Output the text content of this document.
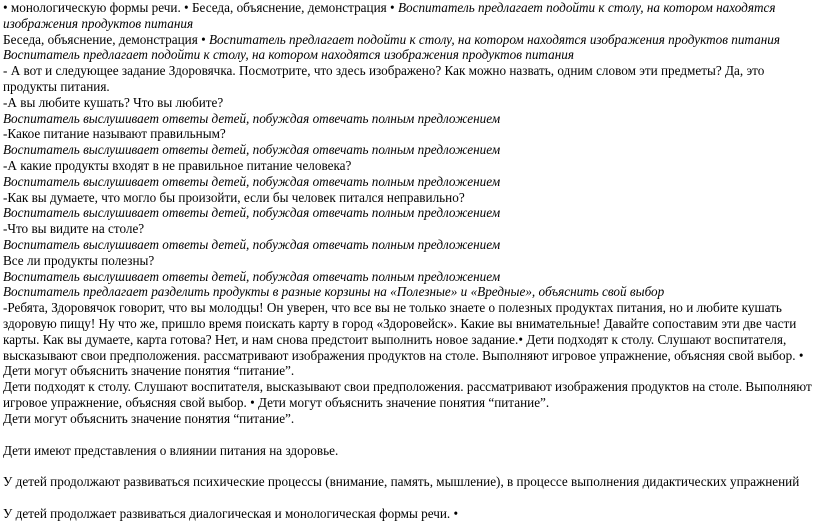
• монологическую формы речи. • Беседа, объяснение, демонстрация • Воспитатель предлагает подойти к столу, на котором находятся изображения продуктов питания

Беседа, объяснение, демонстрация • Воспитатель предлагает подойти к столу, на котором находятся изображения продуктов питания

Воспитатель предлагает подойти к столу, на котором находятся изображения продуктов питания

- А вот и следующее задание Здоровячка. Посмотрите, что здесь изображено? Как можно назвать, одним словом эти предметы? Да, это продукты питания.

-А вы любите кушать? Что вы любите?

Воспитатель выслушивает ответы детей, побуждая отвечать полным предложением

-Какое питание называют правильным?

Воспитатель выслушивает ответы детей, побуждая отвечать полным предложением

-А какие продукты входят в не правильное питание человека?

Воспитатель выслушивает ответы детей, побуждая отвечать полным предложением

-Как вы думаете, что могло бы произойти, если бы человек питался неправильно?

Воспитатель выслушивает ответы детей, побуждая отвечать полным предложением

-Что вы видите на столе?

Воспитатель выслушивает ответы детей, побуждая отвечать полным предложением

Все ли продукты полезны?

Воспитатель выслушивает ответы детей, побуждая отвечать полным предложением

Воспитатель предлагает разделить продукты в разные корзины на «Полезные» и «Вредные», объяснить свой выбор

-Ребята, Здоровячок говорит, что вы молодцы! Он уверен, что все вы не только знаете о полезных продуктах питания, но и любите кушать здоровую пищу! Ну что же, пришло время поискать карту в город «Здоровейск». Какие вы внимательные! Давайте сопоставим эти две части карты. Как вы думаете, карта готова? Нет, и нам снова предстоит выполнить новое задание.• Дети подходят к столу. Слушают воспитателя, высказывают свои предположения. рассматривают изображения продуктов на столе. Выполняют игровое упражнение, объясняя свой выбор. • Дети могут объяснить значение понятия “питание”.

Дети подходят к столу. Слушают воспитателя, высказывают свои предположения. рассматривают изображения продуктов на столе. Выполняют игровое упражнение, объясняя свой выбор. • Дети могут объяснить значение понятия “питание”.

Дети могут объяснить значение понятия “питание”.

Дети имеют представления о влиянии питания на здоровье.

У детей продолжают развиваться психические процессы (внимание, память, мышление), в процессе выполнения дидактических упражнений

У детей продолжает развиваться диалогическая и монологическая формы речи. •
